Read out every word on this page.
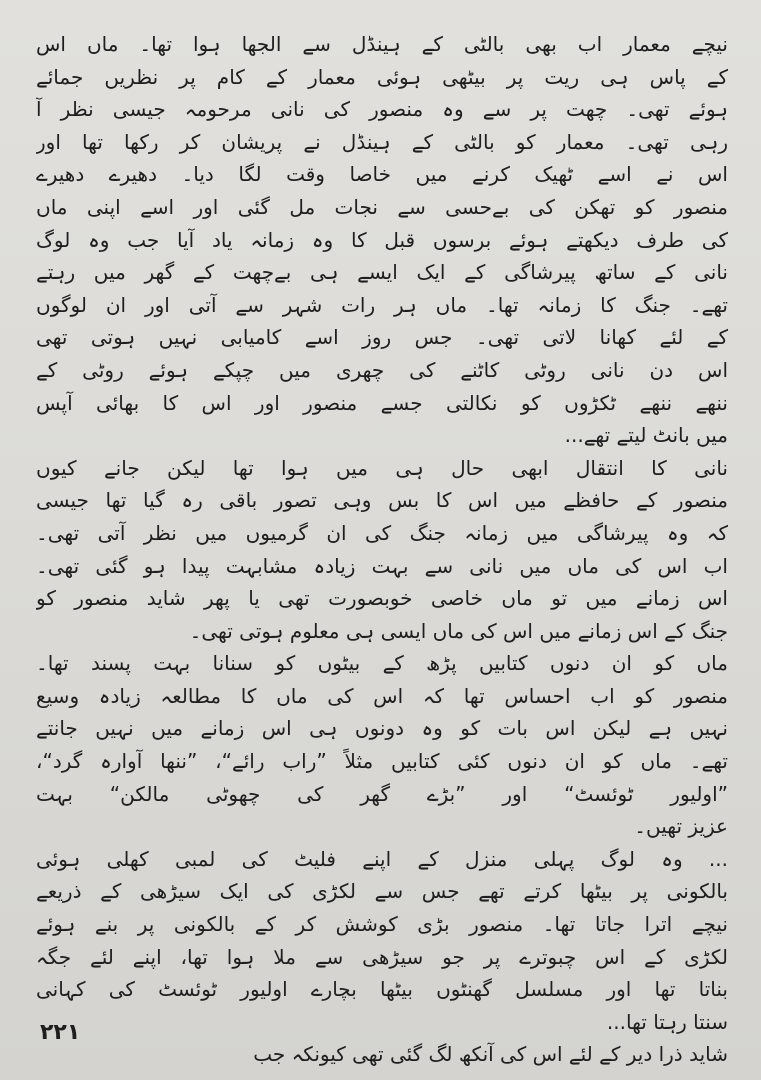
نیچے معمار اب بھی بالٹی کے ہینڈل سے الجھا ہوا تھا۔ ماں اس
کے پاس ہی ریت پر بیٹھی ہوئی معمار کے کام پر نظریں جمائے
ہوئے تھی۔ چھت پر سے وہ منصور کی نانی مرحومہ جیسی نظر آ
رہی تھی۔ معمار کو بالٹی کے ہینڈل نے پریشان کر رکھا تھا اور
اس نے اسے ٹھیک کرنے میں خاصا وقت لگا دیا۔ دھیرے دھیرے
منصور کو تھکن کی بےحسی سے نجات مل گئی اور اسے اپنی ماں
کی طرف دیکھتے ہوئے برسوں قبل کا وہ زمانہ یاد آیا جب وہ لوگ
نانی کے ساتھ پیرشاگی کے ایک ایسے ہی بےچھت کے گھر میں رہتے
تھے۔ جنگ کا زمانہ تھا۔ ماں ہر رات شہر سے آتی اور ان لوگوں
کے لئے کھانا لاتی تھی۔ جس روز اسے کامیابی نہیں ہوتی تھی
اس دن نانی روٹی کاٹنے کی چھری میں چپکے ہوئے روٹی کے
ننھے ننھے ٹکڑوں کو نکالتی جسے منصور اور اس کا بھائی آپس
میں بانٹ لیتے تھے...
نانی کا انتقال ابھی حال ہی میں ہوا تھا لیکن جانے کیوں
منصور کے حافظے میں اس کا بس وہی تصور باقی رہ گیا تھا جیسی
کہ وہ پیرشاگی میں زمانہ جنگ کی ان گرمیوں میں نظر آتی تھی۔
اب اس کی ماں میں نانی سے بہت زیادہ مشابہت پیدا ہو گئی تھی۔
اس زمانے میں تو ماں خاصی خوبصورت تھی یا پھر شاید منصور کو
جنگ کے اس زمانے میں اس کی ماں ایسی ہی معلوم ہوتی تھی۔
ماں کو ان دنوں کتابیں پڑھ کے بیٹوں کو سنانا بہت پسند تھا۔
منصور کو اب احساس تھا کہ اس کی ماں کا مطالعہ زیادہ وسیع
نہیں ہے لیکن اس بات کو وہ دونوں ہی اس زمانے میں نہیں جانتے
تھے۔ ماں کو ان دنوں کئی کتابیں مثلاً ”راب رائے“، ”ننھا آوارہ گرد“،
”اولیور ٹوئسٹ“ اور ”بڑے گھر کی چھوٹی مالکن“ بہت
عزیز تھیں۔
... وہ لوگ پہلی منزل کے اپنے فلیٹ کی لمبی کھلی ہوئی
بالکونی پر بیٹھا کرتے تھے جس سے لکڑی کی ایک سیڑھی کے ذریعے
نیچے اترا جاتا تھا۔ منصور بڑی کوشش کر کے بالکونی پر بنے ہوئے
لکڑی کے اس چبوترے پر جو سیڑھی سے ملا ہوا تھا، اپنے لئے جگہ
بناتا تھا اور مسلسل گھنٹوں بیٹھا بچارے اولیور ٹوئسٹ کی کہانی
سنتا رہتا تھا...
شاید ذرا دیر کے لئے اس کی آنکھ لگ گئی تھی کیونکہ جب
۲۲۱
